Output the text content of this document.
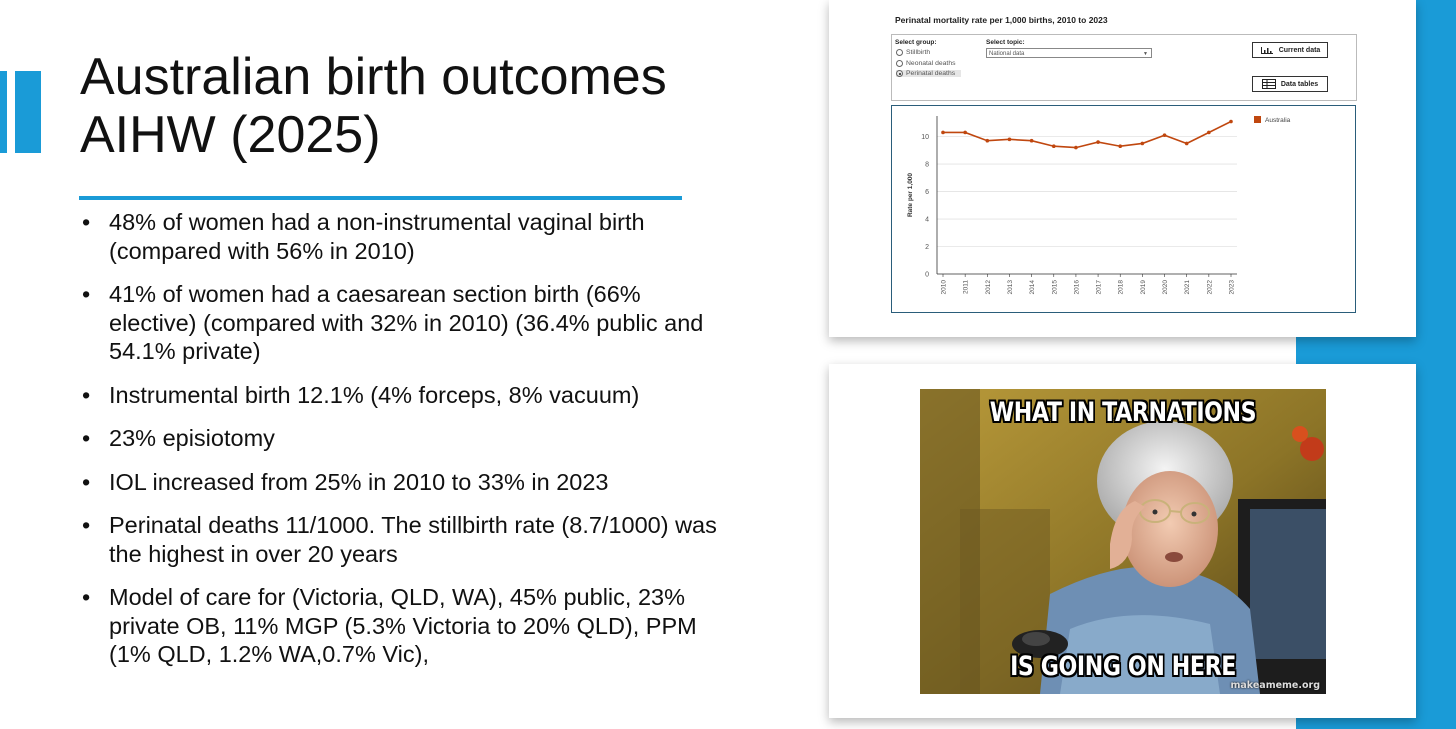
Australian birth outcomes
AIHW (2025)
• 48% of women had a non-instrumental vaginal birth (compared with 56% in 2010)
• 41% of women had a caesarean section birth (66% elective) (compared with 32% in 2010) (36.4% public and 54.1% private)
• Instrumental birth 12.1% (4% forceps, 8% vacuum)
• 23% episiotomy
• IOL increased from 25% in 2010 to 33% in 2023
• Perinatal deaths 11/1000. The stillbirth rate (8.7/1000) was the highest in over 20 years
• Model of care for (Victoria, QLD, WA), 45% public, 23% private OB, 11% MGP (5.3% Victoria to 20% QLD), PPM (1% QLD, 1.2% WA,0.7% Vic),
Perinatal mortality rate per 1,000 births, 2010 to 2023
Select group:
Stillbirth
Neonatal deaths
Perinatal deaths
Select topic:
National data	▼
Current data
Data tables
0
2
4
6
8
10
Rate per 1,000
2010 2011 2012 2013 2014 2015 2016 2017 2018 2019 2020 2021 2022 2023
Australia
WHAT IN TARNATIONS
IS GOING ON HERE
makeameme.org
